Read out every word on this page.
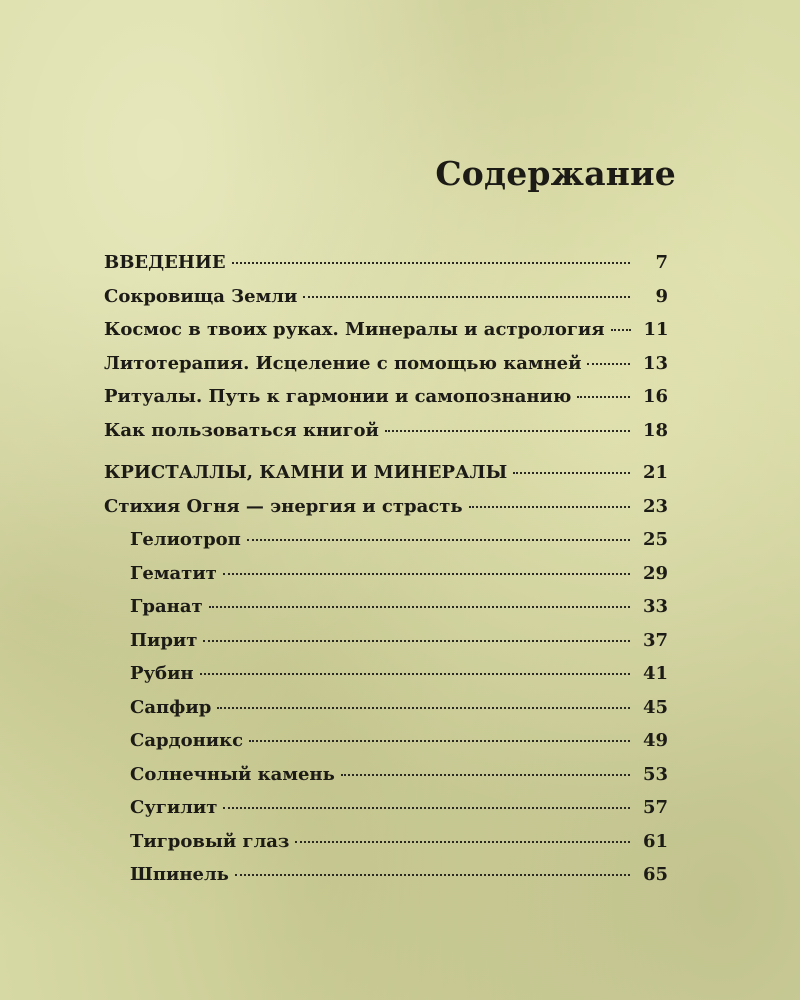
Содержание
ВВЕДЕНИЕ	7
Сокровища Земли	9
Космос в твоих руках. Минералы и астрология	11
Литотерапия. Исцеление с помощью камней	13
Ритуалы. Путь к гармонии и самопознанию	16
Как пользоваться книгой	18
КРИСТАЛЛЫ, КАМНИ И МИНЕРАЛЫ	21
Стихия Огня — энергия и страсть	23
Гелиотроп	25
Гематит	29
Гранат	33
Пирит	37
Рубин	41
Сапфир	45
Сардоникс	49
Солнечный камень	53
Сугилит	57
Тигровый глаз	61
Шпинель	65
